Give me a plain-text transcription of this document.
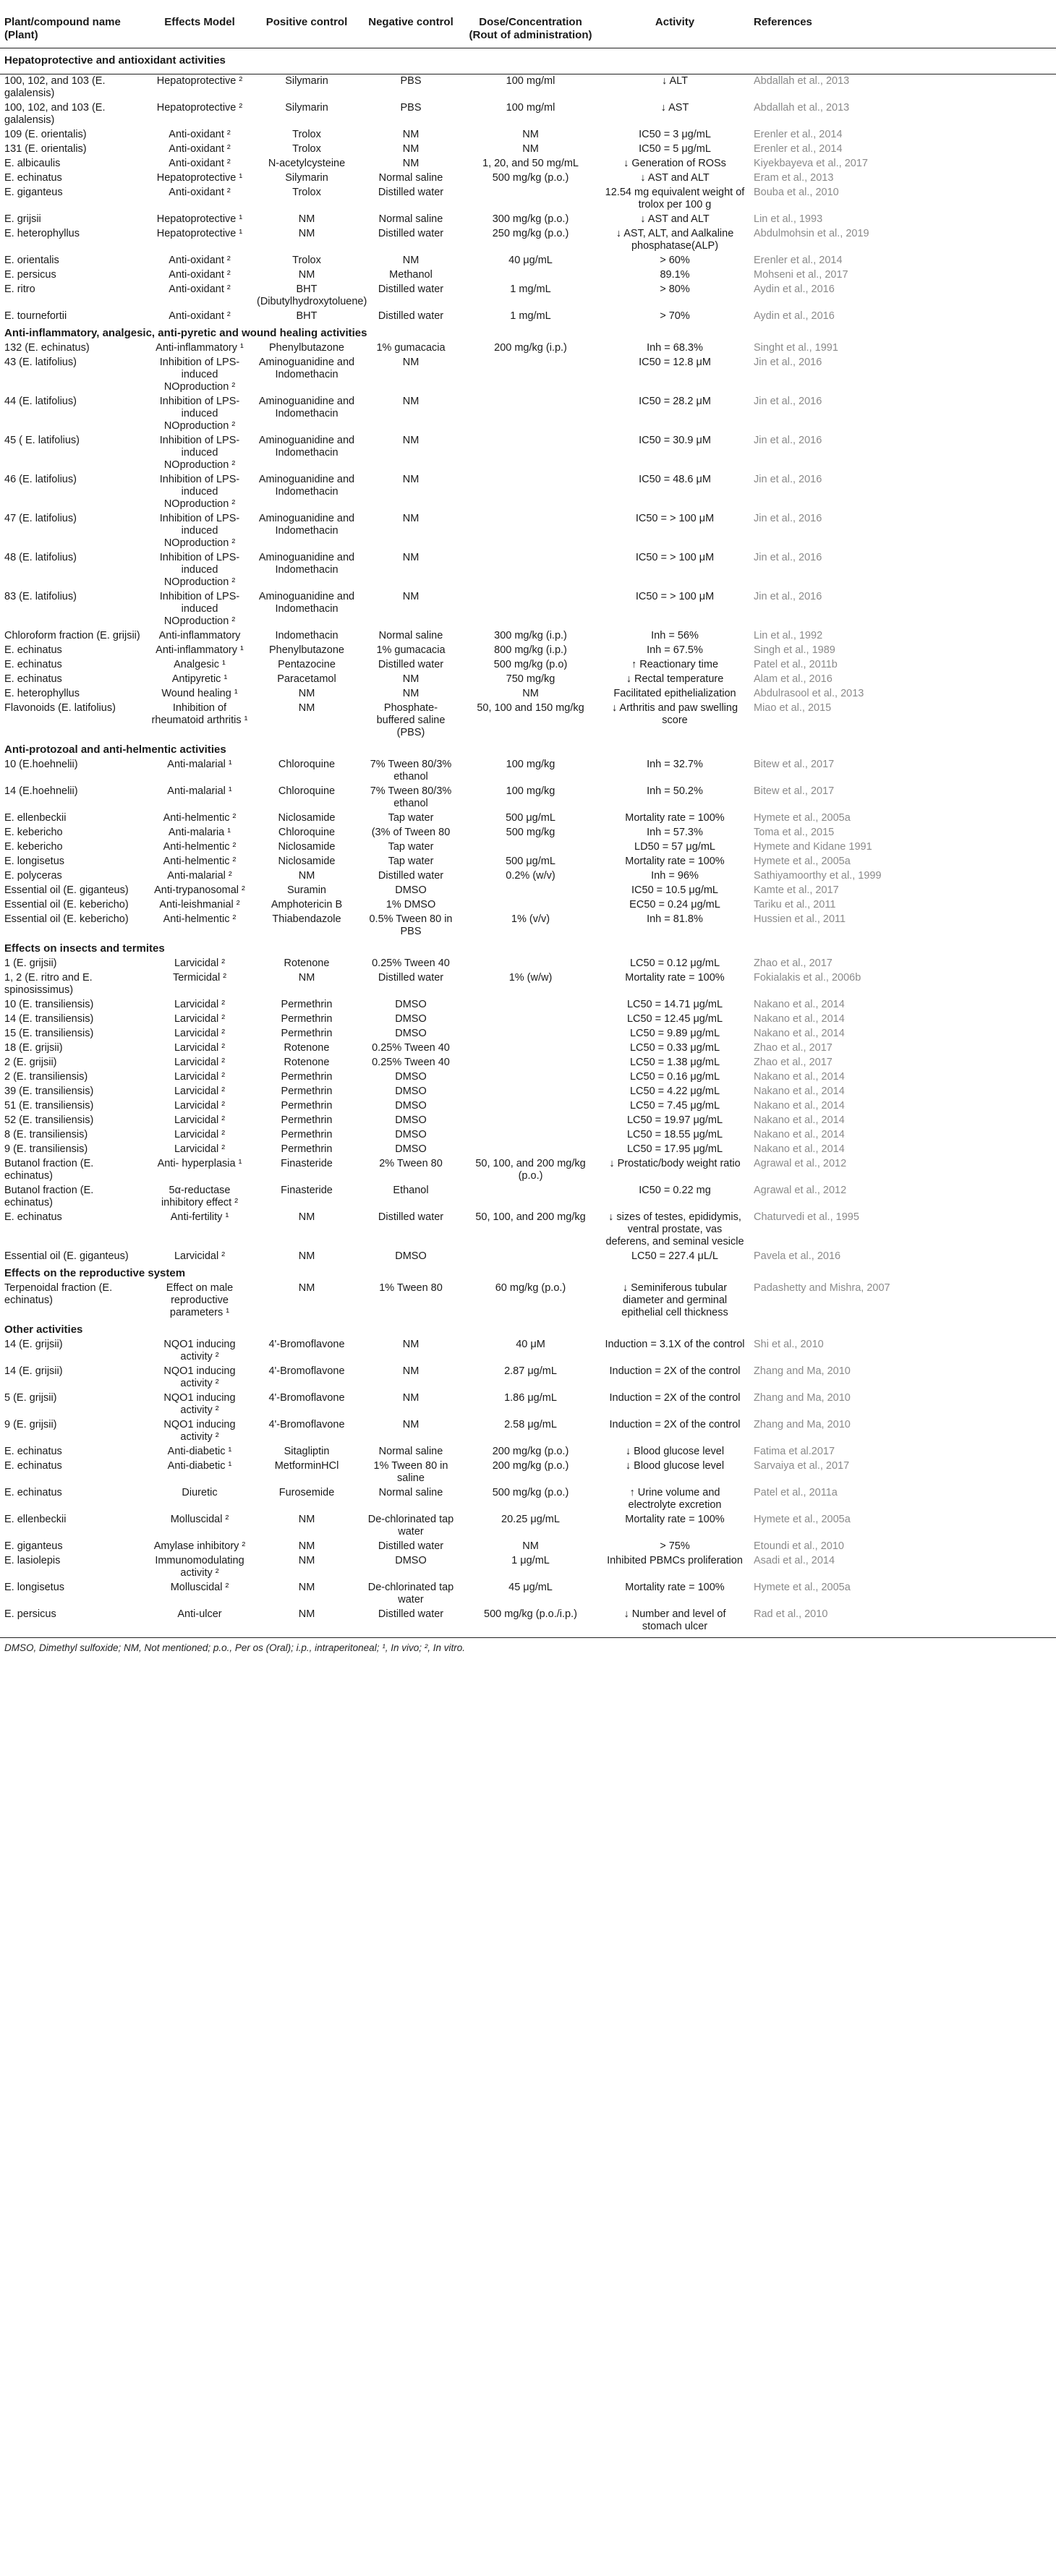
Hepatoprotective and antioxidant activities						
Plant/compound name (Plant)	Effects Model	Positive control	Negative control	Dose/Concentration (Rout of administration)	Activity	References
100, 102, and 103 (E. galalensis)	Hepatoprotective ²	Silymarin	PBS	100 mg/ml	↓ ALT	Abdallah et al., 2013
100, 102, and 103 (E. galalensis)	Hepatoprotective ²	Silymarin	PBS	100 mg/ml	↓ AST	Abdallah et al., 2013
109 (E. orientalis)	Anti-oxidant ²	Trolox	NM	NM	IC50 = 3 μg/mL	Erenler et al., 2014
131 (E. orientalis)	Anti-oxidant ²	Trolox	NM	NM	IC50 = 5 μg/mL	Erenler et al., 2014
E. albicaulis	Anti-oxidant ²	N-acetylcysteine	NM	1, 20, and 50 mg/mL	↓ Generation of ROSs	Kiyekbayeva et al., 2017
E. echinatus	Hepatoprotective ¹	Silymarin	Normal saline	500 mg/kg (p.o.)	↓ AST and ALT	Eram et al., 2013
E. giganteus	Anti-oxidant ²	Trolox	Distilled water		12.54 mg equivalent weight of trolox per 100 g	Bouba et al., 2010
E. grijsii	Hepatoprotective ¹	NM	Normal saline	300 mg/kg (p.o.)	↓ AST and ALT	Lin et al., 1993
E. heterophyllus	Hepatoprotective ¹	NM	Distilled water	250 mg/kg (p.o.)	↓ AST, ALT, and Aalkaline phosphatase(ALP)	Abdulmohsin et al., 2019
E. orientalis	Anti-oxidant ²	Trolox	NM	40 μg/mL	> 60%	Erenler et al., 2014
E. persicus	Anti-oxidant ²	NM	Methanol		89.1%	Mohseni et al., 2017
E. ritro	Anti-oxidant ²	BHT (Dibutylhydroxytoluene)	Distilled water	1 mg/mL	> 80%	Aydin et al., 2016
E. tournefortii	Anti-oxidant ²	BHT	Distilled water	1 mg/mL	> 70%	Aydin et al., 2016
Anti-inflammatory, analgesic, anti-pyretic and wound healing activities						
132 (E. echinatus)	Anti-inflammatory ¹	Phenylbutazone	1% gumacacia	200 mg/kg (i.p.)	Inh = 68.3%	Singht et al., 1991
43 (E. latifolius)	Inhibition of LPS-induced NOproduction ²	Aminoguanidine and Indomethacin	NM		IC50 = 12.8 μM	Jin et al., 2016
44 (E. latifolius)	Inhibition of LPS-induced NOproduction ²	Aminoguanidine and Indomethacin	NM		IC50 = 28.2 μM	Jin et al., 2016
45 ( E. latifolius)	Inhibition of LPS-induced NOproduction ²	Aminoguanidine and Indomethacin	NM		IC50 = 30.9 μM	Jin et al., 2016
46 (E. latifolius)	Inhibition of LPS-induced NOproduction ²	Aminoguanidine and Indomethacin	NM		IC50 = 48.6 μM	Jin et al., 2016
47 (E. latifolius)	Inhibition of LPS-induced NOproduction ²	Aminoguanidine and Indomethacin	NM		IC50 = > 100 μM	Jin et al., 2016
48 (E. latifolius)	Inhibition of LPS-induced NOproduction ²	Aminoguanidine and Indomethacin	NM		IC50 = > 100 μM	Jin et al., 2016
83 (E. latifolius)	Inhibition of LPS-induced NOproduction ²	Aminoguanidine and Indomethacin	NM		IC50 = > 100 μM	Jin et al., 2016
Chloroform fraction (E. grijsii)	Anti-inflammatory	Indomethacin	Normal saline	300 mg/kg (i.p.)	Inh = 56%	Lin et al., 1992
E. echinatus	Anti-inflammatory ¹	Phenylbutazone	1% gumacacia	800 mg/kg (i.p.)	Inh = 67.5%	Singh et al., 1989
E. echinatus	Analgesic ¹	Pentazocine	Distilled water	500 mg/kg (p.o)	↑ Reactionary time	Patel et al., 2011b
E. echinatus	Antipyretic ¹	Paracetamol	NM	750 mg/kg	↓ Rectal temperature	Alam et al., 2016
E. heterophyllus	Wound healing ¹	NM	NM	NM	Facilitated epithelialization	Abdulrasool et al., 2013
Flavonoids (E. latifolius)	Inhibition of rheumatoid arthritis ¹	NM	Phosphate-buffered saline (PBS)	50, 100 and 150 mg/kg	↓ Arthritis and paw swelling score	Miao et al., 2015
Anti-protozoal and anti-helmentic activities						
10 (E.hoehnelii)	Anti-malarial ¹	Chloroquine	7% Tween 80/3% ethanol	100 mg/kg	Inh = 32.7%	Bitew et al., 2017
14 (E.hoehnelii)	Anti-malarial ¹	Chloroquine	7% Tween 80/3% ethanol	100 mg/kg	Inh = 50.2%	Bitew et al., 2017
E. ellenbeckii	Anti-helmentic ²	Niclosamide	Tap water	500 μg/mL	Mortality rate = 100%	Hymete et al., 2005a
E. kebericho	Anti-malaria ¹	Chloroquine	(3% of Tween 80	500 mg/kg	Inh = 57.3%	Toma et al., 2015
E. kebericho	Anti-helmentic ²	Niclosamide	Tap water		LD50 = 57 μg/mL	Hymete and Kidane 1991
E. longisetus	Anti-helmentic ²	Niclosamide	Tap water	500 μg/mL	Mortality rate = 100%	Hymete et al., 2005a
E. polyceras	Anti-malarial ²	NM	Distilled water	0.2% (w/v)	Inh = 96%	Sathiyamoorthy et al., 1999
Essential oil (E. giganteus)	Anti-trypanosomal ²	Suramin	DMSO		IC50 = 10.5 μg/mL	Kamte et al., 2017
Essential oil (E. kebericho)	Anti-leishmanial ²	Amphotericin B	1% DMSO		EC50 = 0.24 μg/mL	Tariku et al., 2011
Essential oil (E. kebericho)	Anti-helmentic ²	Thiabendazole	0.5% Tween 80 in PBS	1% (v/v)	Inh = 81.8%	Hussien et al., 2011
Effects on insects and termites						
1 (E. grijsii)	Larvicidal ²	Rotenone	0.25% Tween 40		LC50 = 0.12 μg/mL	Zhao et al., 2017
1, 2 (E. ritro and E. spinosissimus)	Termicidal ²	NM	Distilled water	1% (w/w)	Mortality rate = 100%	Fokialakis et al., 2006b
10 (E. transiliensis)	Larvicidal ²	Permethrin	DMSO		LC50 = 14.71 μg/mL	Nakano et al., 2014
14 (E. transiliensis)	Larvicidal ²	Permethrin	DMSO		LC50 = 12.45 μg/mL	Nakano et al., 2014
15 (E. transiliensis)	Larvicidal ²	Permethrin	DMSO		LC50 = 9.89 μg/mL	Nakano et al., 2014
18 (E. grijsii)	Larvicidal ²	Rotenone	0.25% Tween 40		LC50 = 0.33 μg/mL	Zhao et al., 2017
2 (E. grijsii)	Larvicidal ²	Rotenone	0.25% Tween 40		LC50 = 1.38 μg/mL	Zhao et al., 2017
2 (E. transiliensis)	Larvicidal ²	Permethrin	DMSO		LC50 = 0.16 μg/mL	Nakano et al., 2014
39 (E. transiliensis)	Larvicidal ²	Permethrin	DMSO		LC50 = 4.22 μg/mL	Nakano et al., 2014
51 (E. transiliensis)	Larvicidal ²	Permethrin	DMSO		LC50 = 7.45 μg/mL	Nakano et al., 2014
52 (E. transiliensis)	Larvicidal ²	Permethrin	DMSO		LC50 = 19.97 μg/mL	Nakano et al., 2014
8 (E. transiliensis)	Larvicidal ²	Permethrin	DMSO		LC50 = 18.55 μg/mL	Nakano et al., 2014
9 (E. transiliensis)	Larvicidal ²	Permethrin	DMSO		LC50 = 17.95 μg/mL	Nakano et al., 2014
Butanol fraction (E. echinatus)	Anti- hyperplasia ¹	Finasteride	2% Tween 80	50, 100, and 200 mg/kg (p.o.)	↓ Prostatic/body weight ratio	Agrawal et al., 2012
Butanol fraction (E. echinatus)	5α-reductase inhibitory effect ²	Finasteride	Ethanol		IC50 = 0.22 mg	Agrawal et al., 2012
E. echinatus	Anti-fertility ¹	NM	Distilled water	50, 100, and 200 mg/kg	↓ sizes of testes, epididymis, ventral prostate, vas deferens, and seminal vesicle	Chaturvedi et al., 1995
Essential oil (E. giganteus)	Larvicidal ²	NM	DMSO		LC50 = 227.4 μL/L	Pavela et al., 2016
Effects on the reproductive system						
Terpenoidal fraction (E. echinatus)	Effect on male reproductive parameters ¹	NM	1% Tween 80	60 mg/kg (p.o.)	↓ Seminiferous tubular diameter and germinal epithelial cell thickness	Padashetty and Mishra, 2007
Other activities						
14 (E. grijsii)	NQO1 inducing activity ²	4'-Bromoflavone	NM	40 μM	Induction = 3.1X of the control	Shi et al., 2010
14 (E. grijsii)	NQO1 inducing activity ²	4'-Bromoflavone	NM	2.87 μg/mL	Induction = 2X of the control	Zhang and Ma, 2010
5 (E. grijsii)	NQO1 inducing activity ²	4'-Bromoflavone	NM	1.86 μg/mL	Induction = 2X of the control	Zhang and Ma, 2010
9 (E. grijsii)	NQO1 inducing activity ²	4'-Bromoflavone	NM	2.58 μg/mL	Induction = 2X of the control	Zhang and Ma, 2010
E. echinatus	Anti-diabetic ¹	Sitagliptin	Normal saline	200 mg/kg (p.o.)	↓ Blood glucose level	Fatima et al.2017
E. echinatus	Anti-diabetic ¹	MetforminHCl	1% Tween 80 in saline	200 mg/kg (p.o.)	↓ Blood glucose level	Sarvaiya et al., 2017
E. echinatus	Diuretic	Furosemide	Normal saline	500 mg/kg (p.o.)	↑ Urine volume and electrolyte excretion	Patel et al., 2011a
E. ellenbeckii	Molluscidal ²	NM	De-chlorinated tap water	20.25 μg/mL	Mortality rate = 100%	Hymete et al., 2005a
E. giganteus	Amylase inhibitory ²	NM	Distilled water	NM	> 75%	Etoundi et al., 2010
E. lasiolepis	Immunomodulating activity ²	NM	DMSO	1 μg/mL	Inhibited PBMCs proliferation	Asadi et al., 2014
E. longisetus	Molluscidal ²	NM	De-chlorinated tap water	45 μg/mL	Mortality rate = 100%	Hymete et al., 2005a
E. persicus	Anti-ulcer	NM	Distilled water	500 mg/kg (p.o./i.p.)	↓ Number and level of stomach ulcer	Rad et al., 2010

DMSO, Dimethyl sulfoxide; NM, Not mentioned; p.o., Per os (Oral); i.p., intraperitoneal; ¹, In vivo; ², In vitro.
